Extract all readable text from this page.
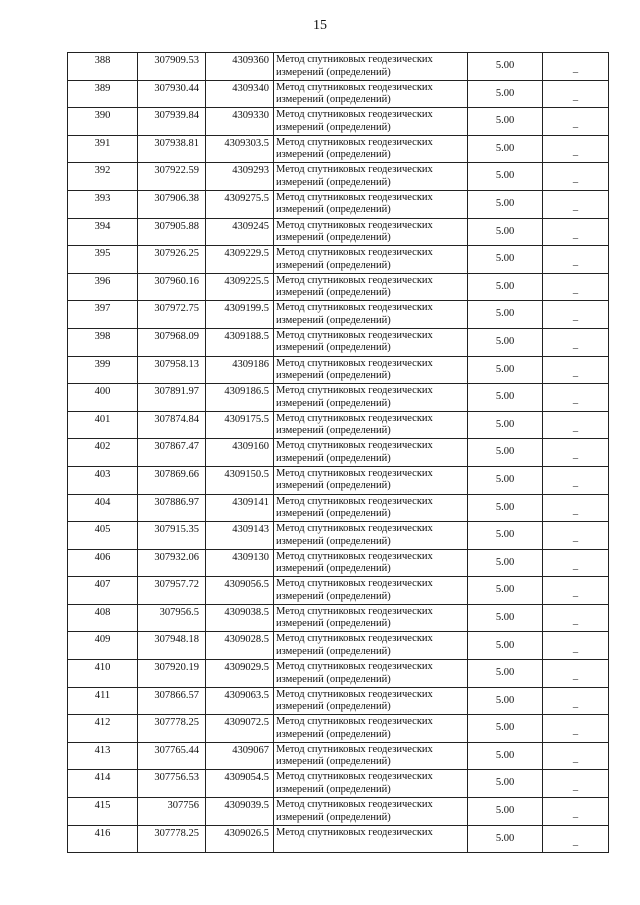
15
388	307909.53	4309360	Метод спутниковых геодезических измерений (определений)	5.00	–
389	307930.44	4309340	Метод спутниковых геодезических измерений (определений)	5.00	–
390	307939.84	4309330	Метод спутниковых геодезических измерений (определений)	5.00	–
391	307938.81	4309303.5	Метод спутниковых геодезических измерений (определений)	5.00	–
392	307922.59	4309293	Метод спутниковых геодезических измерений (определений)	5.00	–
393	307906.38	4309275.5	Метод спутниковых геодезических измерений (определений)	5.00	–
394	307905.88	4309245	Метод спутниковых геодезических измерений (определений)	5.00	–
395	307926.25	4309229.5	Метод спутниковых геодезических измерений (определений)	5.00	–
396	307960.16	4309225.5	Метод спутниковых геодезических измерений (определений)	5.00	–
397	307972.75	4309199.5	Метод спутниковых геодезических измерений (определений)	5.00	–
398	307968.09	4309188.5	Метод спутниковых геодезических измерений (определений)	5.00	–
399	307958.13	4309186	Метод спутниковых геодезических измерений (определений)	5.00	–
400	307891.97	4309186.5	Метод спутниковых геодезических измерений (определений)	5.00	–
401	307874.84	4309175.5	Метод спутниковых геодезических измерений (определений)	5.00	–
402	307867.47	4309160	Метод спутниковых геодезических измерений (определений)	5.00	–
403	307869.66	4309150.5	Метод спутниковых геодезических измерений (определений)	5.00	–
404	307886.97	4309141	Метод спутниковых геодезических измерений (определений)	5.00	–
405	307915.35	4309143	Метод спутниковых геодезических измерений (определений)	5.00	–
406	307932.06	4309130	Метод спутниковых геодезических измерений (определений)	5.00	–
407	307957.72	4309056.5	Метод спутниковых геодезических измерений (определений)	5.00	–
408	307956.5	4309038.5	Метод спутниковых геодезических измерений (определений)	5.00	–
409	307948.18	4309028.5	Метод спутниковых геодезических измерений (определений)	5.00	–
410	307920.19	4309029.5	Метод спутниковых геодезических измерений (определений)	5.00	–
411	307866.57	4309063.5	Метод спутниковых геодезических измерений (определений)	5.00	–
412	307778.25	4309072.5	Метод спутниковых геодезических измерений (определений)	5.00	–
413	307765.44	4309067	Метод спутниковых геодезических измерений (определений)	5.00	–
414	307756.53	4309054.5	Метод спутниковых геодезических измерений (определений)	5.00	–
415	307756	4309039.5	Метод спутниковых геодезических измерений (определений)	5.00	–
416	307778.25	4309026.5	Метод спутниковых геодезических	5.00	–
